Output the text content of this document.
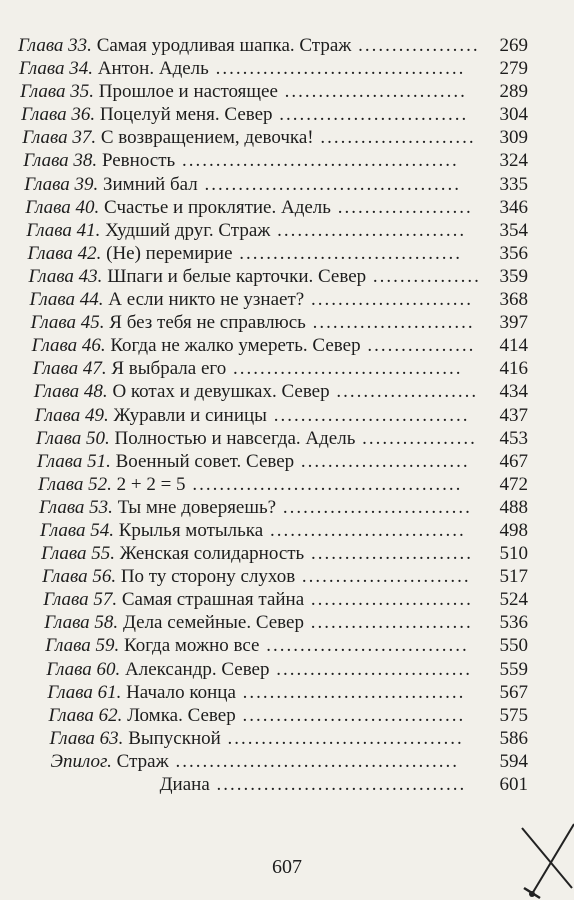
Глава 33. Самая уродливая шапка. Страж .................. 269
Глава 34. Антон. Адель ..................................... 279
Глава 35. Прошлое и настоящее ........................... 289
Глава 36. Поцелуй меня. Север ............................ 304
Глава 37. С возвращением, девочка! ....................... 309
Глава 38. Ревность ......................................... 324
Глава 39. Зимний бал ...................................... 335
Глава 40. Счастье и проклятие. Адель .................... 346
Глава 41. Худший друг. Страж ............................ 354
Глава 42. (Не) перемирие ................................. 356
Глава 43. Шпаги и белые карточки. Север ................ 359
Глава 44. А если никто не узнает? ........................ 368
Глава 45. Я без тебя не справлюсь ........................ 397
Глава 46. Когда не жалко умереть. Север ................ 414
Глава 47. Я выбрала его .................................. 416
Глава 48. О котах и девушках. Север ..................... 434
Глава 49. Журавли и синицы ............................. 437
Глава 50. Полностью и навсегда. Адель ................. 453
Глава 51. Военный совет. Север ......................... 467
Глава 52. 2 + 2 = 5 ........................................ 472
Глава 53. Ты мне доверяешь? ............................ 488
Глава 54. Крылья мотылька ............................. 498
Глава 55. Женская солидарность ........................ 510
Глава 56. По ту сторону слухов ......................... 517
Глава 57. Самая страшная тайна ........................ 524
Глава 58. Дела семейные. Север ........................ 536
Глава 59. Когда можно все .............................. 550
Глава 60. Александр. Север ............................. 559
Глава 61. Начало конца ................................. 567
Глава 62. Ломка. Север ................................. 575
Глава 63. Выпускной ................................... 586
Эпилог. Страж .......................................... 594
Диана ..................................... 601
607
